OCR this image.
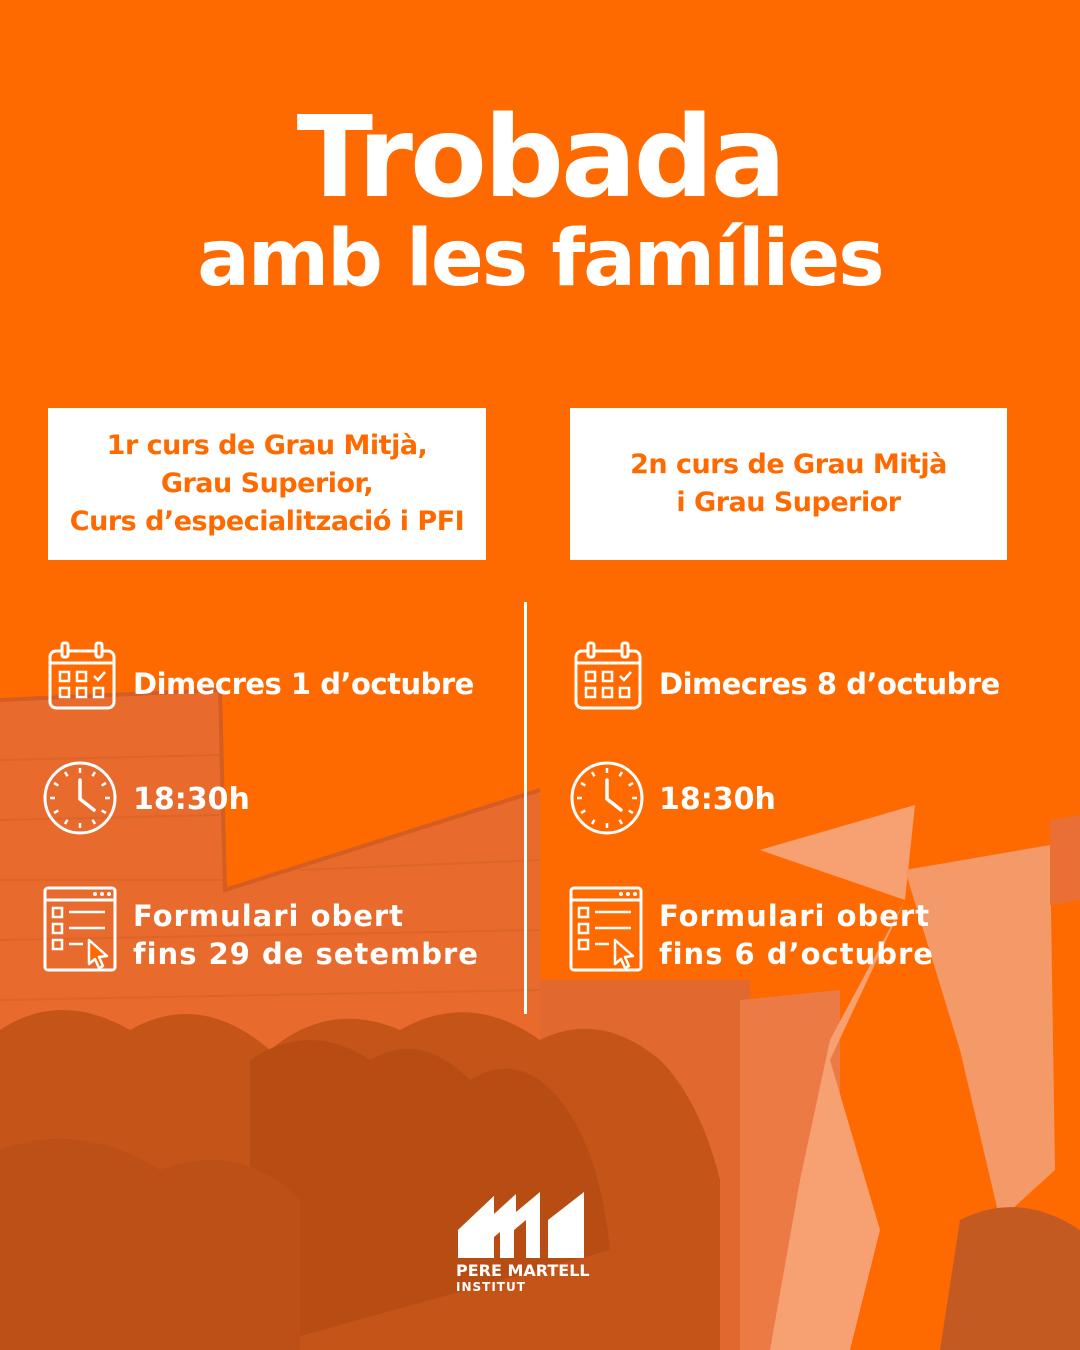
Trobada
amb les famílies
1r curs de Grau Mitjà,
Grau Superior,
Curs d’especialització i PFI
2n curs de Grau Mitjà
i Grau Superior
Dimecres 1 d’octubre
18:30h
Formulari obert
fins 29 de setembre
Dimecres 8 d’octubre
18:30h
Formulari obert
fins 6 d’octubre
PERE MARTELL
INSTITUT
